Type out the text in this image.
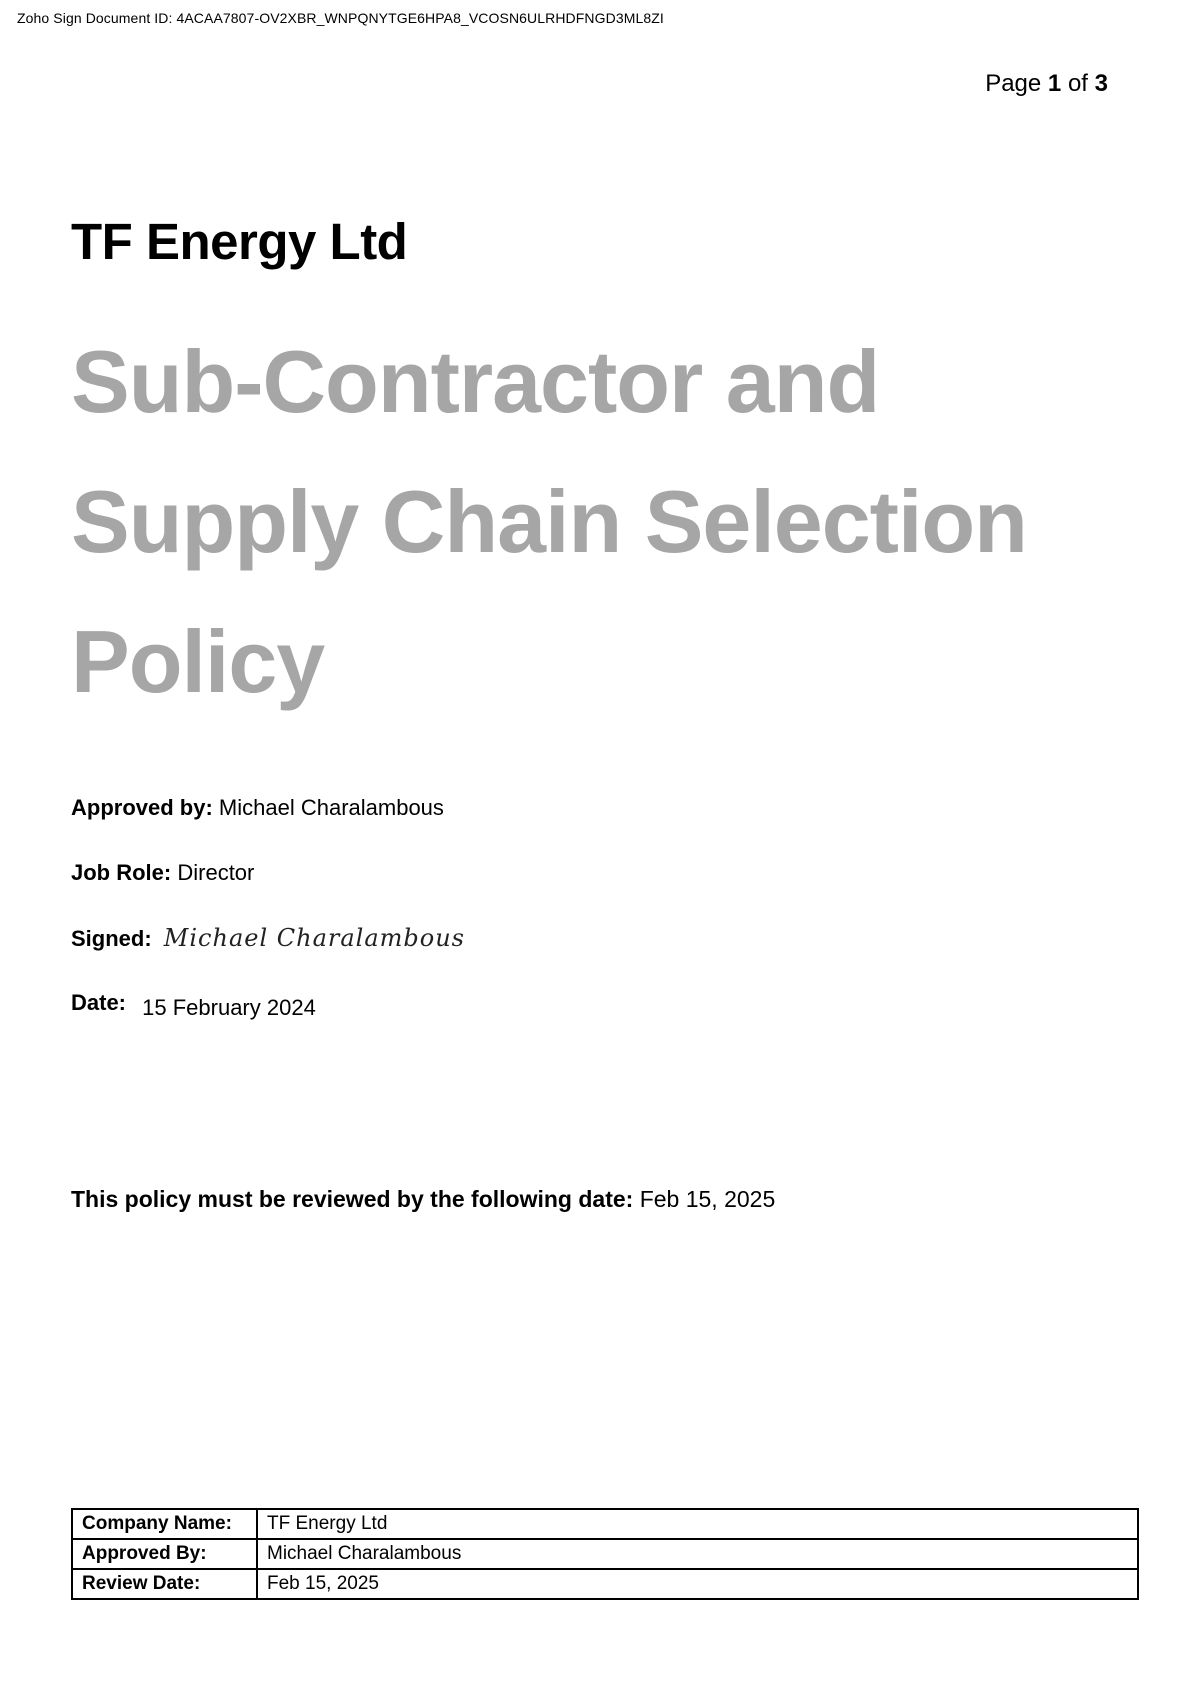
Zoho Sign Document ID: 4ACAA7807-OV2XBR_WNPQNYTGE6HPA8_VCOSN6ULRHDFNGD3ML8ZI
Page 1 of 3
TF Energy Ltd
Sub-Contractor and
Supply Chain Selection
Policy
Approved by: Michael Charalambous
Job Role: Director
Signed: Michael Charalambous
Date: 15 February 2024
This policy must be reviewed by the following date: Feb 15, 2025
Company Name:	TF Energy Ltd
Approved By:	Michael Charalambous
Review Date:	Feb 15, 2025
